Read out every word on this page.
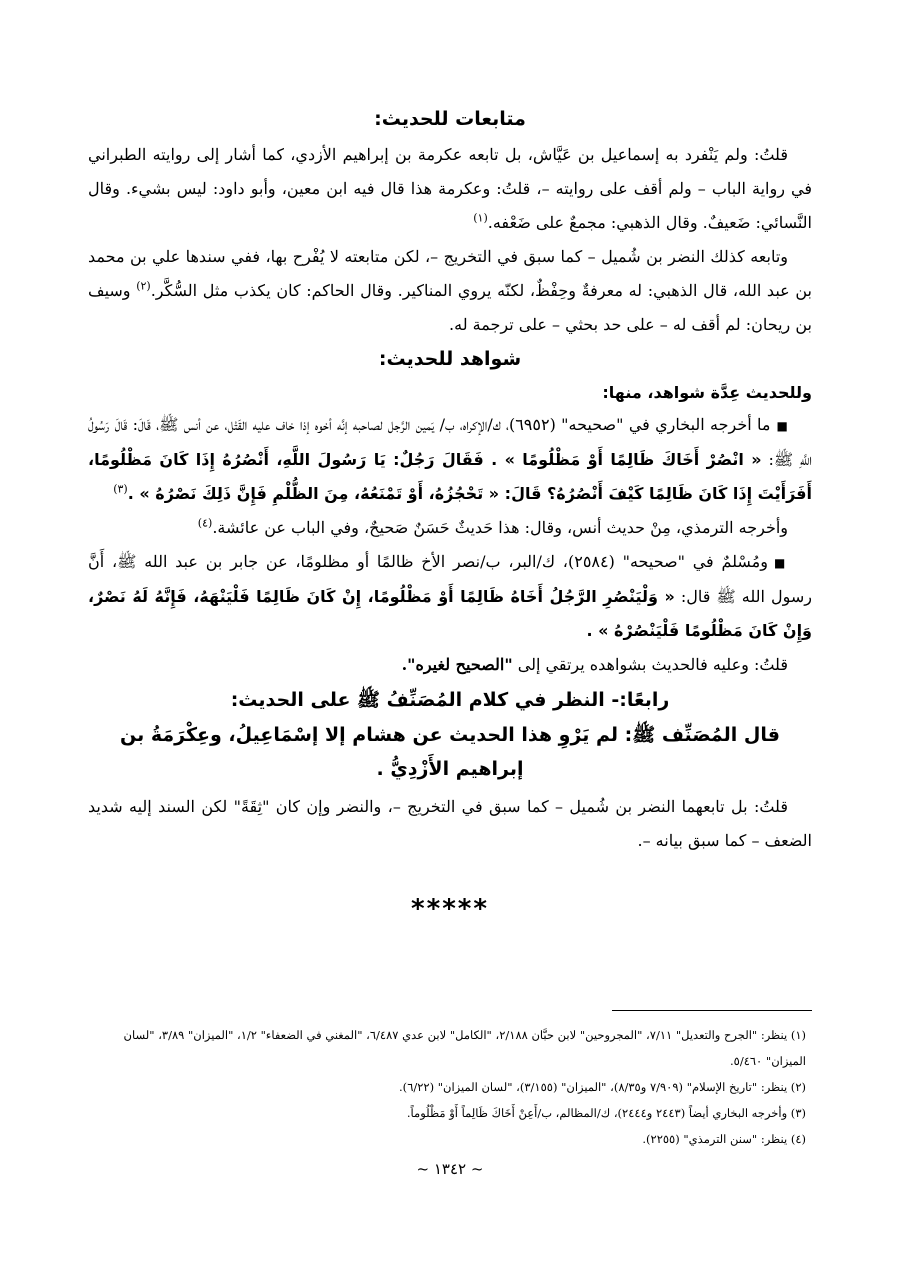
متابعات للحديث:

قلتُ: ولم يَنْفرد به إسماعيل بن عَيَّاش، بل تابعه عكرمة بن إبراهيم الأزدي، كما أشار إلى روايته الطبراني في رواية الباب – ولم أقف على روايته –، قلتُ: وعكرمة هذا قال فيه ابن معين، وأبو داود: ليس بشيء. وقال النَّسائي: ضَعيفٌ. وقال الذهبي: مجمعٌ على ضَعْفه.$^{(١)}$

وتابعه كذلك النضر بن شُميل – كما سبق في التخريج –، لكن متابعته لا يُفْرح بها، ففي سندها علي بن محمد بن عبد الله، قال الذهبي: له معرفةٌ وحِفْظٌ، لكنّه يروي المناكير. وقال الحاكم: كان يكذب مثل السُّكَّر.$^{(٢)}$ وسيف بن ريحان: لم أقف له – على حد بحثي – على ترجمة له.

شواهد للحديث:
وللحديث عِدَّة شواهد، منها:

■ما أخرجه البخاري في "صحيحه" (٦٩٥٢)، ك/الإكراه، ب/ يَمين الرَّجل لصاحبه إنَّه أخوه إذا خاف عليه القَتْل، عن أنس ﷺ، قَالَ: قَالَ رَسُولُ اللَّهِ ﷺ: « انْصُرْ أَخَاكَ ظَالِمًا أَوْ مَظْلُومًا » . فَقَالَ رَجُلٌ: يَا رَسُولَ اللَّهِ، أَنْصُرُهُ إِذَا كَانَ مَظْلُومًا، أَفَرَأَيْتَ إِذَا كَانَ ظَالِمًا كَيْفَ أَنْصُرُهُ؟ قَالَ: « تَحْجُزُهُ، أَوْ تَمْنَعُهُ، مِنَ الظُّلْمِ فَإِنَّ ذَلِكَ نَصْرُهُ » .$^{(٣)}$

وأخرجه الترمذي، مِنْ حديث أنس، وقال: هذا حَديثٌ حَسَنٌ صَحيحٌ، وفي الباب عن عائشة.$^{(٤)}$

■ومُسْلمٌ في "صحيحه" (٢٥٨٤)، ك/البر، ب/نصر الأخ ظالمًا أو مظلومًا، عن جابر بن عبد الله ﷺ، أَنَّ رسول الله ﷺ قال: « وَلْيَنْصُرِ الرَّجُلُ أَخَاهُ ظَالِمًا أَوْ مَظْلُومًا، إِنْ كَانَ ظَالِمًا فَلْيَنْهَهُ، فَإِنَّهُ لَهُ نَصْرٌ، وَإِنْ كَانَ مَظْلُومًا فَلْيَنْصُرْهُ » .

قلتُ: وعليه فالحديث بشواهده يرتقي إلى "الصحيح لغيره".

رابعًا:- النظر في كلام المُصَنِّفُ ﷺ على الحديث:
قال المُصَنِّف ﷺ: لم يَرْوِ هذا الحديث عن هشام إلا إسْمَاعِيلُ، وعِكْرَمَةُ بن إبراهيم الأَزْدِيُّ .

قلتُ: بل تابعهما النضر بن شُميل – كما سبق في التخريج –، والنضر وإن كان "ثِقَةً" لكن السند إليه شديد الضعف – كما سبق بيانه –.

*****

(١) ينظر: "الجرح والتعديل" ٧/١١، "المجروحين" لابن حبَّان ٢/١٨٨، "الكامل" لابن عدي ٦/٤٨٧، "المغني في الضعفاء" ١/٢، "الميزان" ٣/٨٩، "لسان الميزان" ٥/٤٦٠.

(٢) ينظر: "تاريخ الإسلام" (٧/٩٠٩ و٨/٣٥)، "الميزان" (٣/١٥٥)، "لسان الميزان" (٦/٢٢).

(٣) وأخرجه البخاري أيضاً (٢٤٤٣ و٢٤٤٤)، ك/المظالم، ب/أَعِنْ أَخَاكَ ظَالِماً أَوْ مَظْلُوماً.

(٤) ينظر: "سنن الترمذي" (٢٢٥٥).

~ ١٣٤٢ ~
